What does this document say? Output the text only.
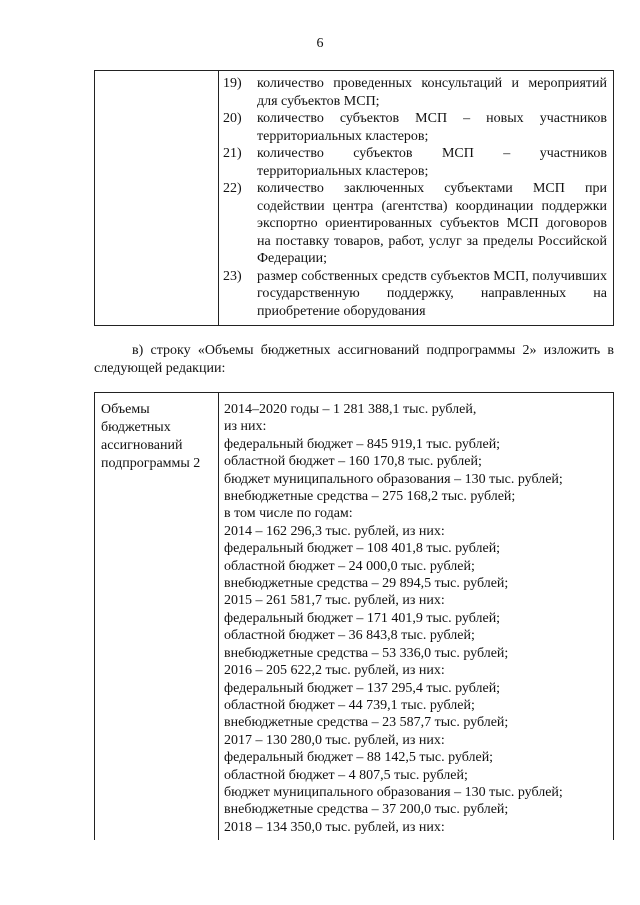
6
19) количество проведенных консультаций и мероприятий для субъектов МСП;
20) количество субъектов МСП – новых участников территориальных кластеров;
21) количество субъектов МСП – участников территориальных кластеров;
22) количество заключенных субъектами МСП при содействии центра (агентства) координации поддержки экспортно ориентированных субъектов МСП договоров на поставку товаров, работ, услуг за пределы Российской Федерации;
23) размер собственных средств субъектов МСП, получивших государственную поддержку, направленных на приобретение оборудования

в) строку «Объемы бюджетных ассигнований подпрограммы 2» изложить в следующей редакции:

Объемы
бюджетных
ассигнований
подпрограммы 2
2014–2020 годы – 1 281 388,1 тыс. рублей,
из них:
федеральный бюджет – 845 919,1 тыс. рублей;
областной бюджет – 160 170,8 тыс. рублей;
бюджет муниципального образования – 130 тыс. рублей;
внебюджетные средства – 275 168,2 тыс. рублей;
в том числе по годам:
2014 – 162 296,3 тыс. рублей, из них:
федеральный бюджет – 108 401,8 тыс. рублей;
областной бюджет – 24 000,0 тыс. рублей;
внебюджетные средства – 29 894,5 тыс. рублей;
2015 – 261 581,7 тыс. рублей, из них:
федеральный бюджет – 171 401,9 тыс. рублей;
областной бюджет – 36 843,8 тыс. рублей;
внебюджетные средства – 53 336,0 тыс. рублей;
2016 – 205 622,2 тыс. рублей, из них:
федеральный бюджет – 137 295,4 тыс. рублей;
областной бюджет – 44 739,1 тыс. рублей;
внебюджетные средства – 23 587,7 тыс. рублей;
2017 – 130 280,0 тыс. рублей, из них:
федеральный бюджет – 88 142,5 тыс. рублей;
областной бюджет – 4 807,5 тыс. рублей;
бюджет муниципального образования – 130 тыс. рублей;
внебюджетные средства – 37 200,0 тыс. рублей;
2018 – 134 350,0 тыс. рублей, из них:
